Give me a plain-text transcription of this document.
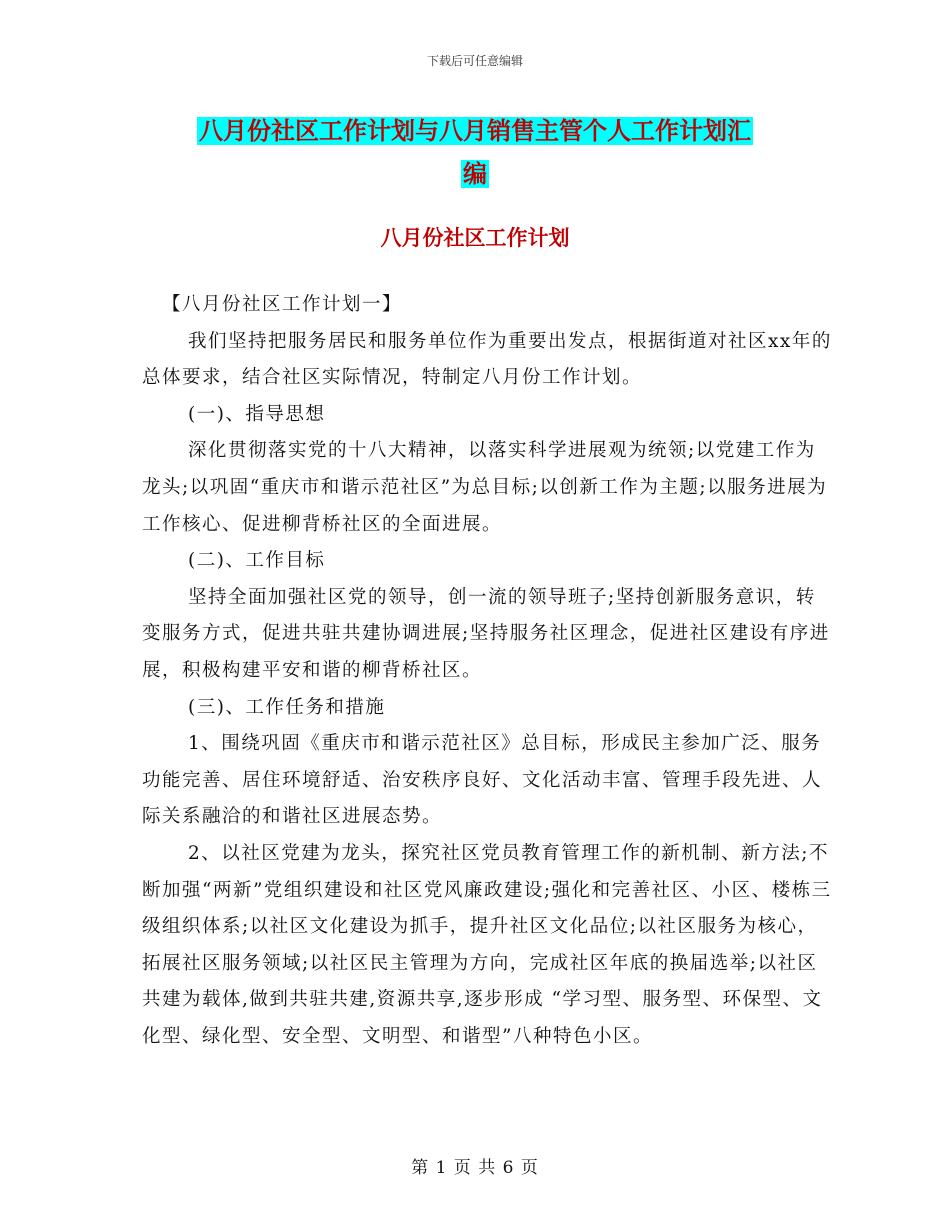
下载后可任意编辑
八月份社区工作计划与八月销售主管个人工作计划汇
编
八月份社区工作计划

【八月份社区工作计划一】

我们坚持把服务居民和服务单位作为重要出发点，根据街道对社区xx年的总体要求，结合社区实际情况，特制定八月份工作计划。

(一)、指导思想

深化贯彻落实党的十八大精神，以落实科学进展观为统领;以党建工作为龙头;以巩固“重庆市和谐示范社区”为总目标;以创新工作为主题;以服务进展为工作核心、促进柳背桥社区的全面进展。

(二)、工作目标

坚持全面加强社区党的领导，创一流的领导班子;坚持创新服务意识，转变服务方式，促进共驻共建协调进展;坚持服务社区理念，促进社区建设有序进展，积极构建平安和谐的柳背桥社区。

(三)、工作任务和措施

1、围绕巩固《重庆市和谐示范社区》总目标，形成民主参加广泛、服务功能完善、居住环境舒适、治安秩序良好、文化活动丰富、管理手段先进、人际关系融洽的和谐社区进展态势。

2、以社区党建为龙头，探究社区党员教育管理工作的新机制、新方法;不断加强“两新”党组织建设和社区党风廉政建设;强化和完善社区、小区、楼栋三级组织体系;以社区文化建设为抓手，提升社区文化品位;以社区服务为核心，拓展社区服务领域;以社区民主管理为方向，完成社区年底的换届选举;以社区共建为载体,做到共驻共建,资源共享,逐步形成 “学习型、服务型、环保型、文化型、绿化型、安全型、文明型、和谐型”八种特色小区。

第 1 页 共 6 页
